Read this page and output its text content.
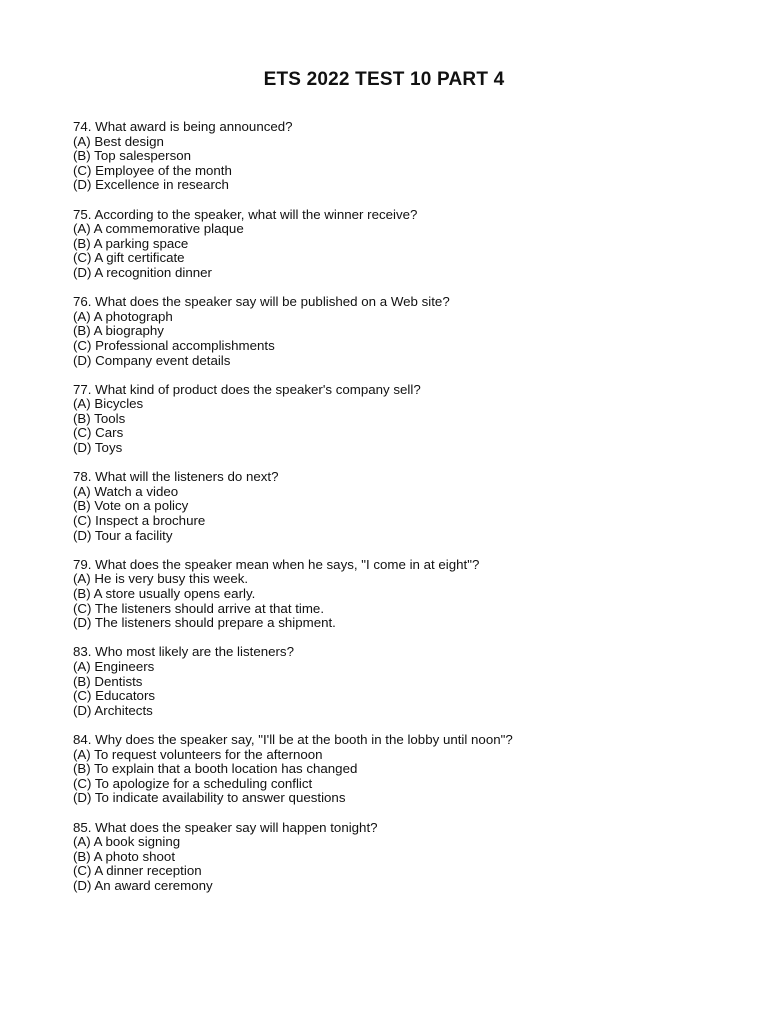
ETS 2022 TEST 10 PART 4
74. What award is being announced?
(A) Best design
(B) Top salesperson
(C) Employee of the month
(D) Excellence in research
75. According to the speaker, what will the winner receive?
(A) A commemorative plaque
(B) A parking space
(C) A gift certificate
(D) A recognition dinner
76. What does the speaker say will be published on a Web site?
(A) A photograph
(B) A biography
(C) Professional accomplishments
(D) Company event details
77. What kind of product does the speaker's company sell?
(A) Bicycles
(B) Tools
(C) Cars
(D) Toys
78. What will the listeners do next?
(A) Watch a video
(B) Vote on a policy
(C) Inspect a brochure
(D) Tour a facility
79. What does the speaker mean when he says, "I come in at eight"?
(A) He is very busy this week.
(B) A store usually opens early.
(C) The listeners should arrive at that time.
(D) The listeners should prepare a shipment.
83. Who most likely are the listeners?
(A) Engineers
(B) Dentists
(C) Educators
(D) Architects
84. Why does the speaker say, "I'll be at the booth in the lobby until noon"?
(A) To request volunteers for the afternoon
(B) To explain that a booth location has changed
(C) To apologize for a scheduling conflict
(D) To indicate availability to answer questions
85. What does the speaker say will happen tonight?
(A) A book signing
(B) A photo shoot
(C) A dinner reception
(D) An award ceremony
